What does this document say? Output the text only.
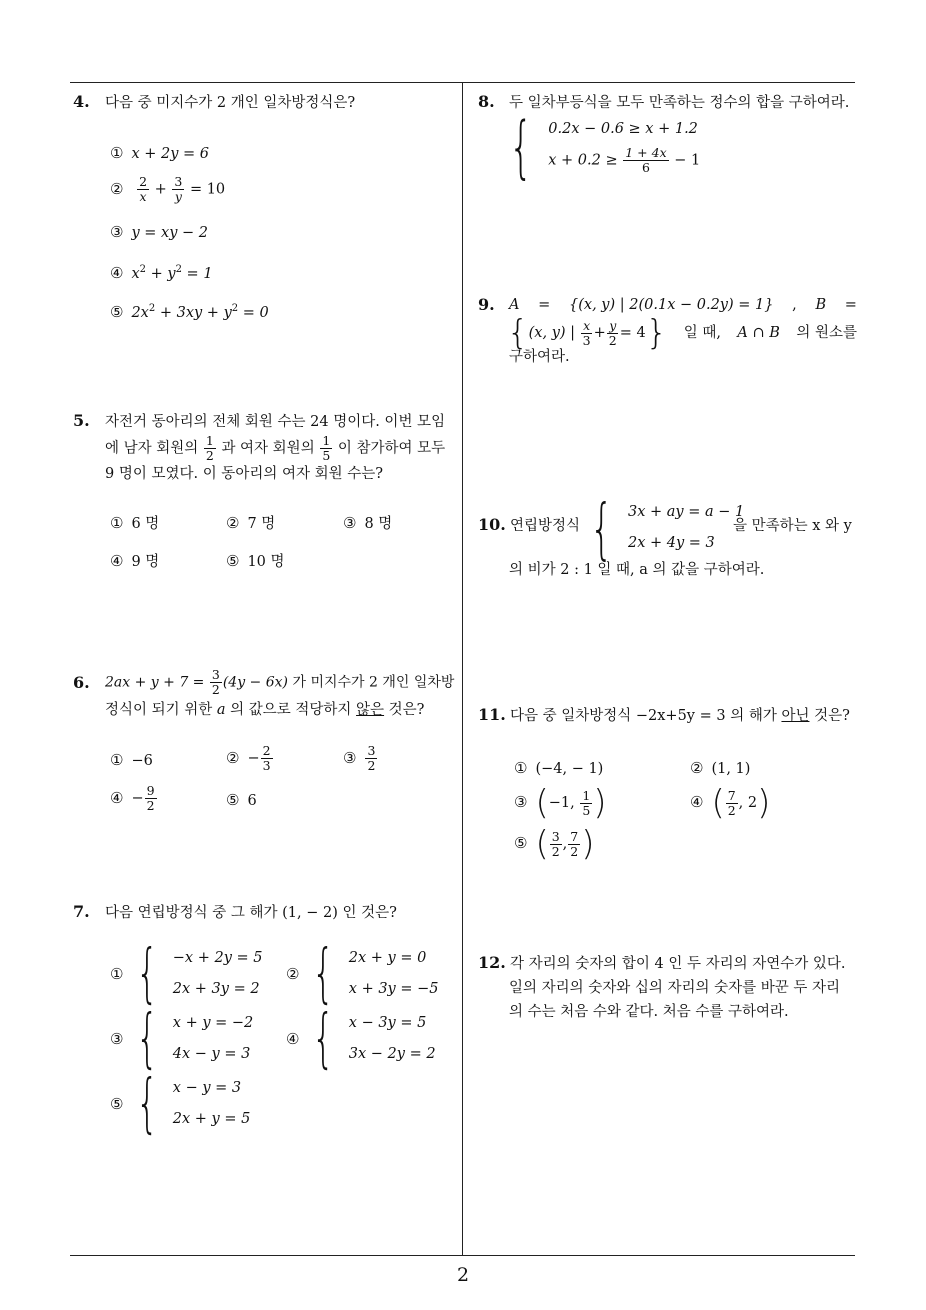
4. 다음 중 미지수가 2 개인 일차방정식은?
① x + 2y = 6
② $\frac{2}{x} + \frac{3}{y} = 10$
③ y = xy − 2
④ $x^2 + y^2 = 1$
⑤ $2x^2 + 3xy + y^2 = 0$
5. 자전거 동아리의 전체 회원 수는 24 명이다. 이번 모임
에 남자 회원의 $\frac{1}{2}$ 과 여자 회원의 $\frac{1}{5}$ 이 참가하여 모두
9 명이 모였다. 이 동아리의 여자 회원 수는?
① 6 명	② 7 명	③ 8 명
④ 9 명	⑤ 10 명
6. $2ax + y + 7 = \frac{3}{2} (4y - 6x)$ 가 미지수가 2 개인 일차방
정식이 되기 위한 a 의 값으로 적당하지 않은 것은?
① −6	② − $\frac{2}{3}$	③ $\frac{3}{2}$
④ − $\frac{9}{2}$	⑤ 6
7. 다음 연립방정식 중 그 해가 (1, − 2) 인 것은?
① { −x + 2y = 5
2x + 3y = 2
② { 2x + y = 0
x + 3y = −5
③ { x + y = −2
4x − y = 3
④ { x − 3y = 5
3x − 2y = 2
⑤ { x − y = 3
2x + y = 5
8. 두 일차부등식을 모두 만족하는 정수의 합을 구하여라.
{ 0.2x − 0.6 ≥ x + 1.2
$x + 0.2 \ge \frac{1 + 4x}{6} - 1$
9. A = {(x, y) | 2(0.1x − 0.2y) = 1} , B =
{(x, y) | $\frac{x}{3} + \frac{y}{2} = 4$} 일 때, A ∩ B 의 원소를
구하여라.
10. 연립방정식 { 3x + ay = a − 1
2x + 4y = 3
을 만족하는 x 와 y
의 비가 2 : 1 일 때, a 의 값을 구하여라.
11. 다음 중 일차방정식 −2x+5y = 3 의 해가 아닌 것은?
① (−4, − 1)	② (1, 1)
③ (−1, $\frac{1}{5}$ )	④ ( $\frac{7}{2}$ , 2)
⑤ ( $\frac{3}{2}$ , $\frac{7}{2}$ )
12. 각 자리의 숫자의 합이 4 인 두 자리의 자연수가 있다.
일의 자리의 숫자와 십의 자리의 숫자를 바꾼 두 자리
의 수는 처음 수와 같다. 처음 수를 구하여라.
2
